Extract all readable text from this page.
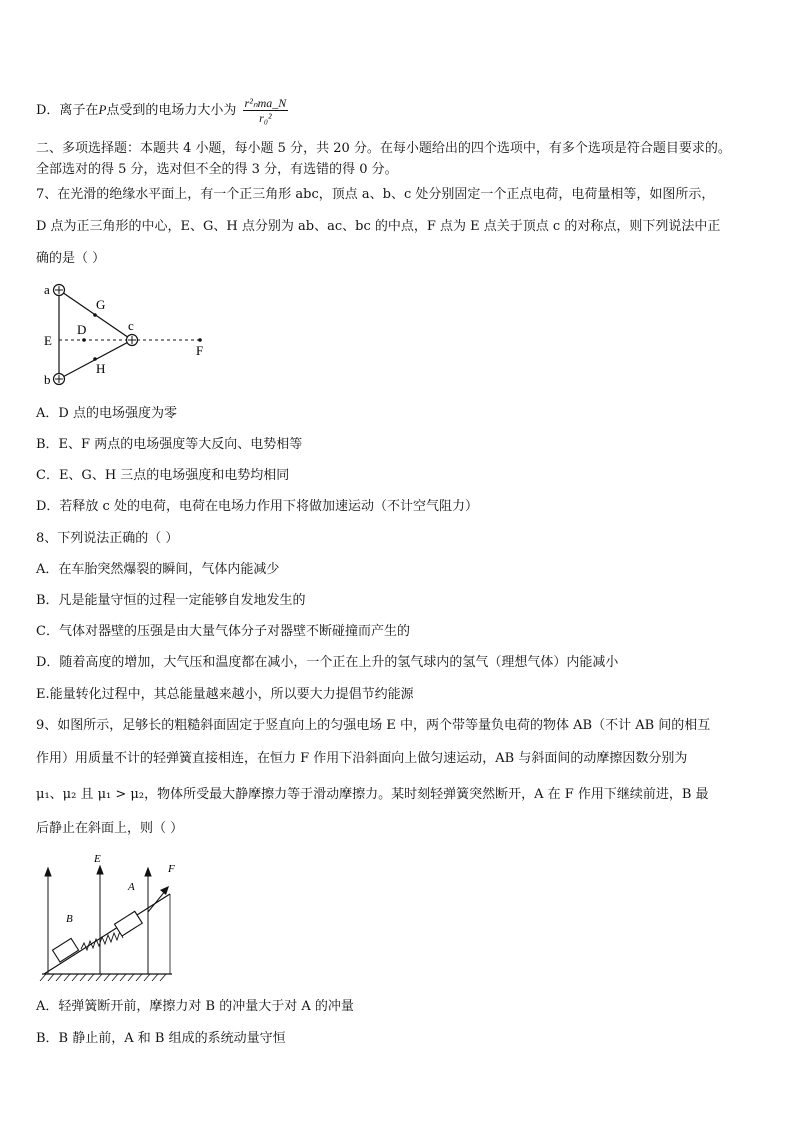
D．离子在P点受到的电场力大小为 $\frac{\text{r²ₙma\_N}}{\text{r₀²}}$
二、多项选择题：本题共 4 小题，每小题 5 分，共 20 分。在每小题给出的四个选项中，有多个选项是符合题目要求的。
全部选对的得 5 分，选对但不全的得 3 分，有选错的得 0 分。
7、在光滑的绝缘水平面上，有一个正三角形 abc，顶点 a、b、c 处分别固定一个正点电荷，电荷量相等，如图所示，
D 点为正三角形的中心，E、G、H 点分别为 ab、ac、bc 的中点，F 点为 E 点关于顶点 c 的对称点，则下列说法中正
确的是（ ）
a
b
c
D
E
F
G
H
A．D 点的电场强度为零
B．E、F 两点的电场强度等大反向、电势相等
C．E、G、H 三点的电场强度和电势均相同
D．若释放 c 处的电荷，电荷在电场力作用下将做加速运动（不计空气阻力）
8、下列说法正确的（ ）
A．在车胎突然爆裂的瞬间，气体内能减少
B．凡是能量守恒的过程一定能够自发地发生的
C．气体对器壁的压强是由大量气体分子对器壁不断碰撞而产生的
D．随着高度的增加，大气压和温度都在减小，一个正在上升的氢气球内的氢气（理想气体）内能减小
E.能量转化过程中，其总能量越来越小，所以要大力提倡节约能源
9、如图所示，足够长的粗糙斜面固定于竖直向上的匀强电场 E 中，两个带等量负电荷的物体 AB（不计 AB 间的相互
作用）用质量不计的轻弹簧直接相连，在恒力 F 作用下沿斜面向上做匀速运动，AB 与斜面间的动摩擦因数分别为
μ₁、μ₂ 且 μ₁ > μ₂，物体所受最大静摩擦力等于滑动摩擦力。某时刻轻弹簧突然断开，A 在 F 作用下继续前进，B 最
后静止在斜面上，则（ ）
E
F
A
B
A．轻弹簧断开前，摩擦力对 B 的冲量大于对 A 的冲量
B．B 静止前，A 和 B 组成的系统动量守恒
